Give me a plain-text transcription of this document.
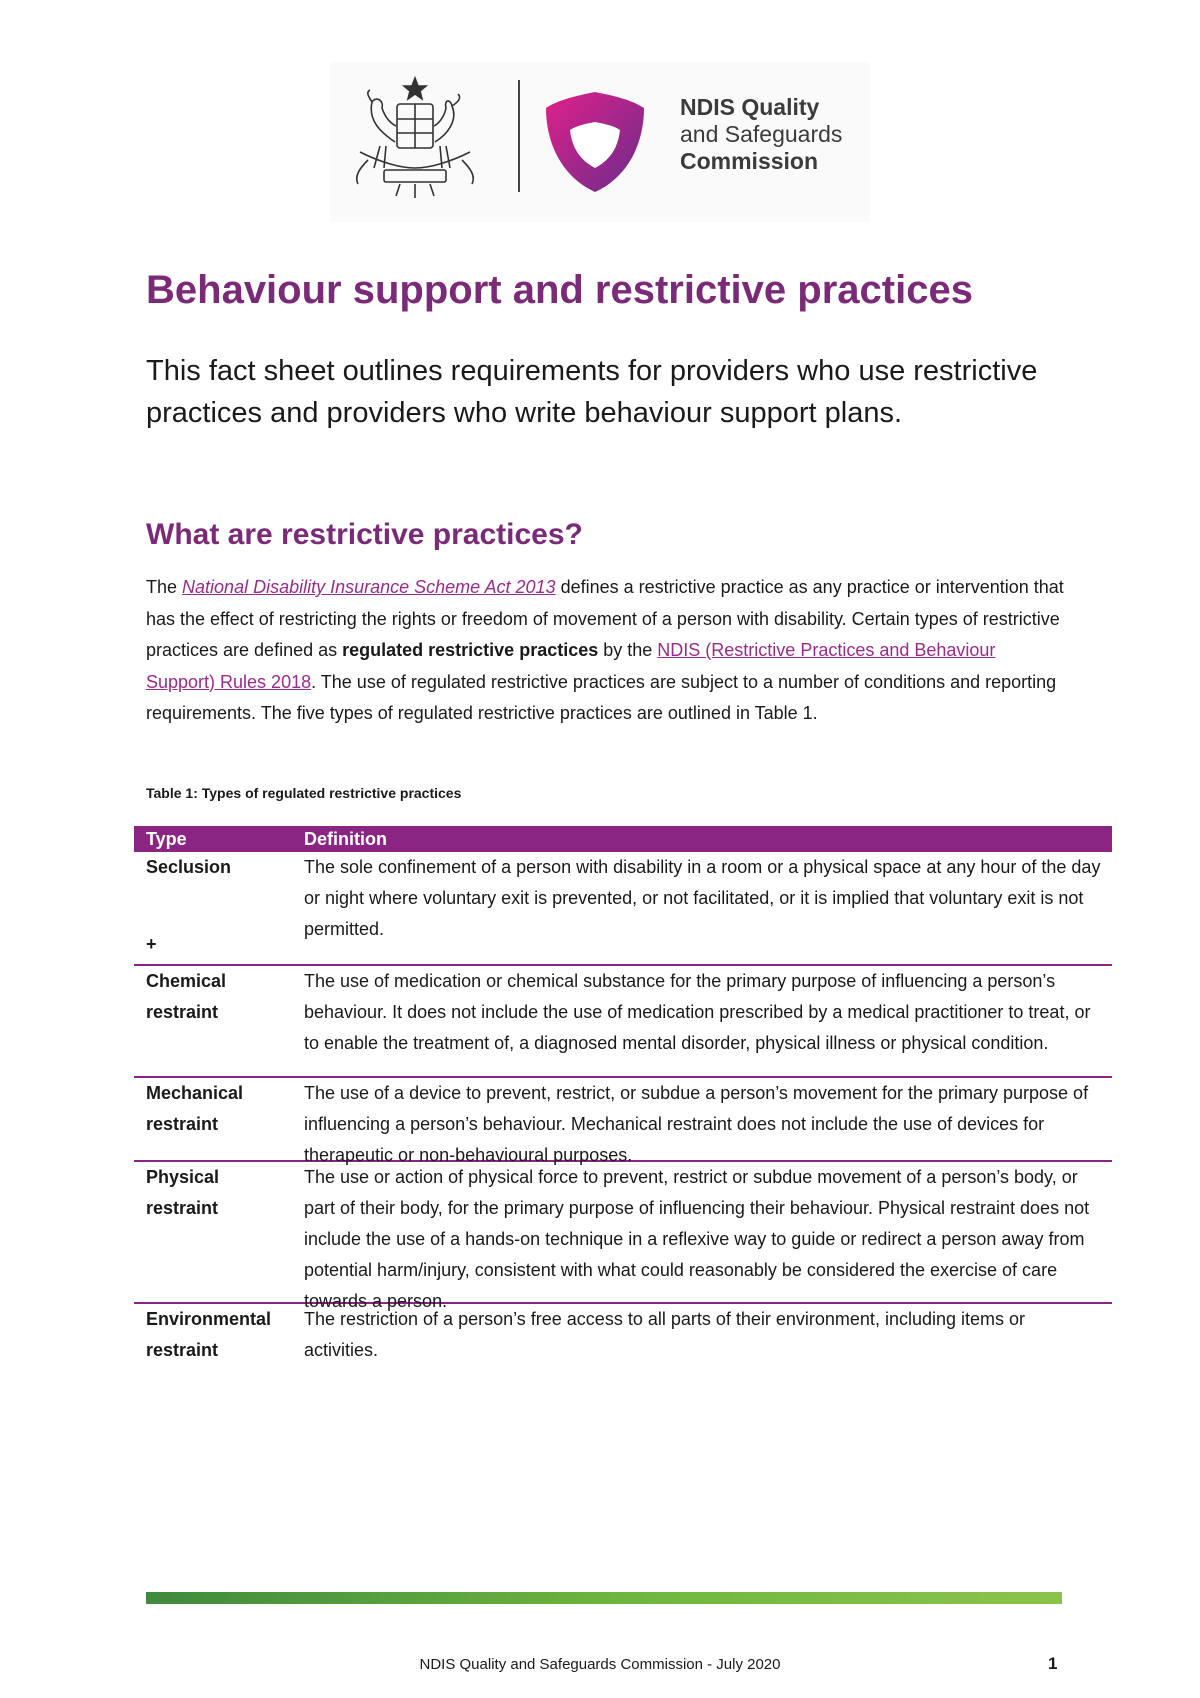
NDIS Quality
and Safeguards
Commission
Behaviour support and restrictive practices

This fact sheet outlines requirements for providers who use restrictive practices and providers who write behaviour support plans.

What are restrictive practices?

The National Disability Insurance Scheme Act 2013 defines a restrictive practice as any practice or intervention that has the effect of restricting the rights or freedom of movement of a person with disability. Certain types of restrictive practices are defined as regulated restrictive practices by the NDIS (Restrictive Practices and Behaviour Support) Rules 2018. The use of regulated restrictive practices are subject to a number of conditions and reporting requirements. The five types of regulated restrictive practices are outlined in Table 1.

Table 1: Types of regulated restrictive practices

Type	Definition
Seclusion
+
The sole confinement of a person with disability in a room or a physical space at any hour of the day or night where voluntary exit is prevented, or not facilitated, or it is implied that voluntary exit is not permitted.
Chemical restraint
The use of medication or chemical substance for the primary purpose of influencing a person’s behaviour. It does not include the use of medication prescribed by a medical practitioner to treat, or to enable the treatment of, a diagnosed mental disorder, physical illness or physical condition.
Mechanical restraint
The use of a device to prevent, restrict, or subdue a person’s movement for the primary purpose of influencing a person’s behaviour. Mechanical restraint does not include the use of devices for therapeutic or non-behavioural purposes.
Physical restraint
The use or action of physical force to prevent, restrict or subdue movement of a person’s body, or part of their body, for the primary purpose of influencing their behaviour. Physical restraint does not include the use of a hands-on technique in a reflexive way to guide or redirect a person away from potential harm/injury, consistent with what could reasonably be considered the exercise of care towards a person.
Environmental restraint
The restriction of a person’s free access to all parts of their environment, including items or activities.
NDIS Quality and Safeguards Commission - July 2020	1
